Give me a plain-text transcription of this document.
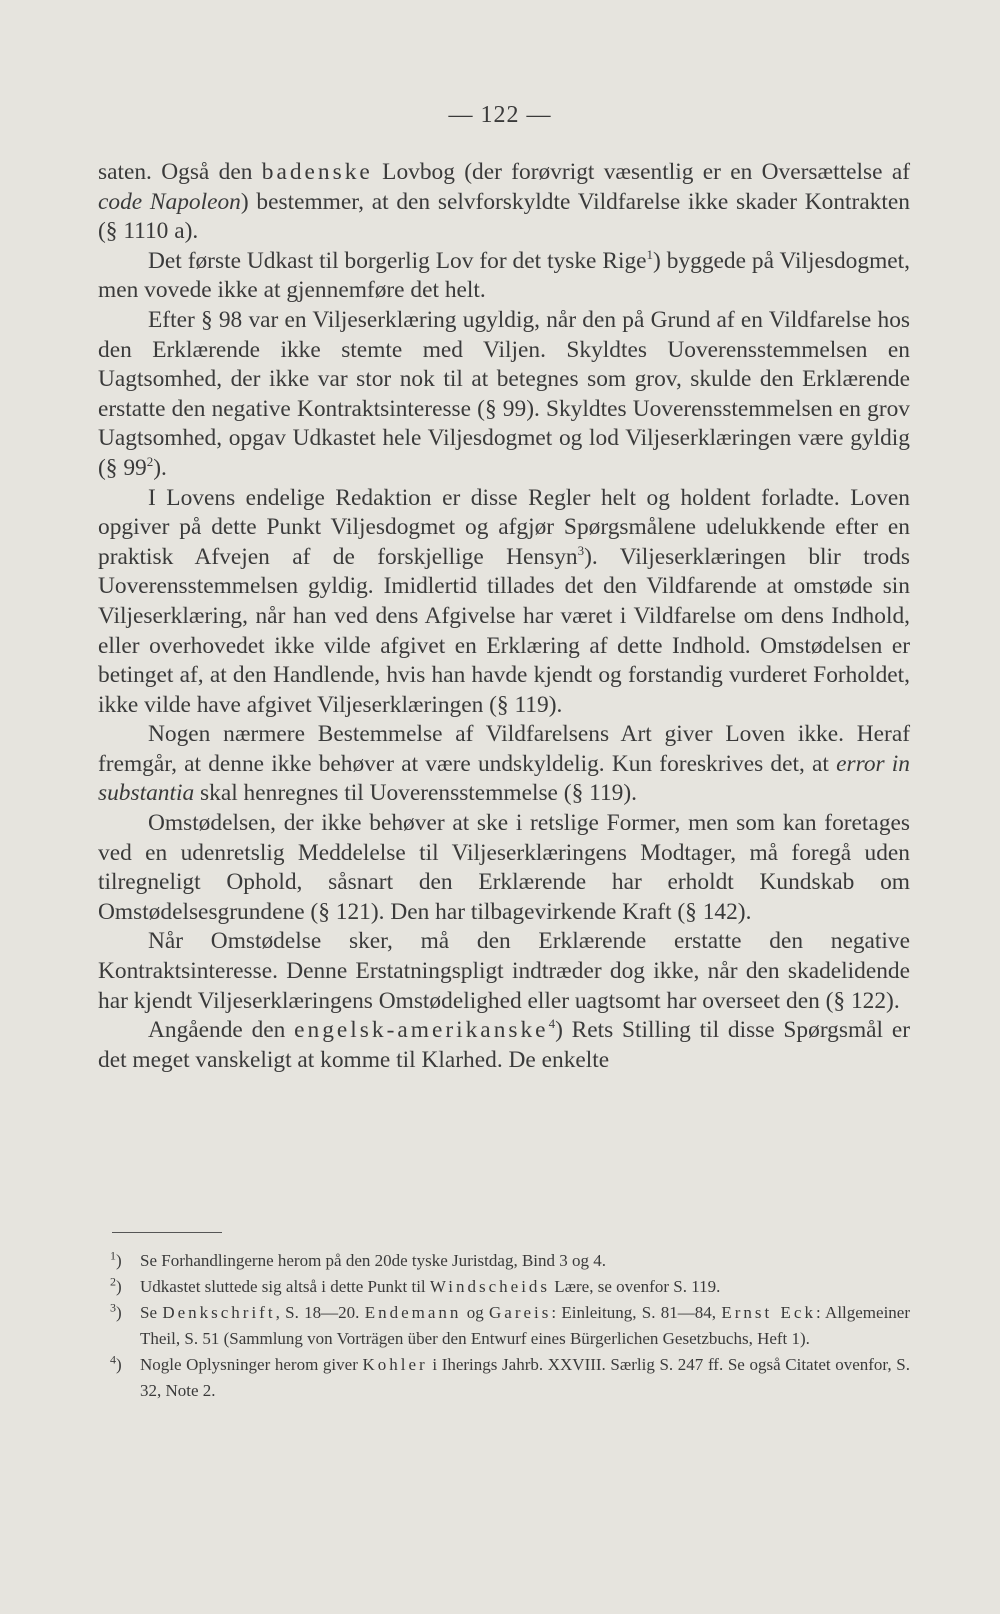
— 122 —

saten. Også den badenske Lovbog (der forøvrigt væsentlig er en Oversættelse af code Napoleon) bestemmer, at den selvforskyldte Vildfarelse ikke skader Kontrakten (§ 1110 a).

Det første Udkast til borgerlig Lov for det tyske Rige$^1$) byggede på Viljesdogmet, men vovede ikke at gjennemføre det helt.

Efter § 98 var en Viljeserklæring ugyldig, når den på Grund af en Vildfarelse hos den Erklærende ikke stemte med Viljen. Skyldtes Uoverensstemmelsen en Uagtsomhed, der ikke var stor nok til at betegnes som grov, skulde den Erklærende erstatte den negative Kontraktsinteresse (§ 99). Skyldtes Uoverensstemmelsen en grov Uagtsomhed, opgav Udkastet hele Viljesdogmet og lod Viljeserklæringen være gyldig (§ $99^2$).

I Lovens endelige Redaktion er disse Regler helt og holdent forladte. Loven opgiver på dette Punkt Viljesdogmet og afgjør Spørgsmålene udelukkende efter en praktisk Afvejen af de forskjellige Hensyn$^3$). Viljeserklæringen blir trods Uoverensstemmelsen gyldig. Imidlertid tillades det den Vildfarende at omstøde sin Viljeserklæring, når han ved dens Afgivelse har været i Vildfarelse om dens Indhold, eller overhovedet ikke vilde afgivet en Erklæring af dette Indhold. Omstødelsen er betinget af, at den Handlende, hvis han havde kjendt og forstandig vurderet Forholdet, ikke vilde have afgivet Viljeserklæringen (§ 119).

Nogen nærmere Bestemmelse af Vildfarelsens Art giver Loven ikke. Heraf fremgår, at denne ikke behøver at være undskyldelig. Kun foreskrives det, at error in substantia skal henregnes til Uoverensstemmelse (§ 119).

Omstødelsen, der ikke behøver at ske i retslige Former, men som kan foretages ved en udenretslig Meddelelse til Viljeserklæringens Modtager, må foregå uden tilregneligt Ophold, såsnart den Erklærende har erholdt Kundskab om Omstødelsesgrundene (§ 121). Den har tilbagevirkende Kraft (§ 142).

Når Omstødelse sker, må den Erklærende erstatte den negative Kontraktsinteresse. Denne Erstatningspligt indtræder dog ikke, når den skadelidende har kjendt Viljeserklæringens Omstødelighed eller uagtsomt har overseet den (§ 122).

Angående den engelsk-amerikanske$^4$) Rets Stilling til disse Spørgsmål er det meget vanskeligt at komme til Klarhed. De enkelte

$^1$) Se Forhandlingerne herom på den 20de tyske Juristdag, Bind 3 og 4.

$^2$) Udkastet sluttede sig altså i dette Punkt til Windscheids Lære, se ovenfor S. 119.

$^3$) Se Denkschrift, S. 18—20. Endemann og Gareis: Einleitung, S. 81—84, Ernst Eck: Allgemeiner Theil, S. 51 (Sammlung von Vorträgen über den Entwurf eines Bürgerlichen Gesetzbuchs, Heft 1).

$^4$) Nogle Oplysninger herom giver Kohler i Iherings Jahrb. XXVIII. Særlig S. 247 ff. Se også Citatet ovenfor, S. 32, Note 2.
